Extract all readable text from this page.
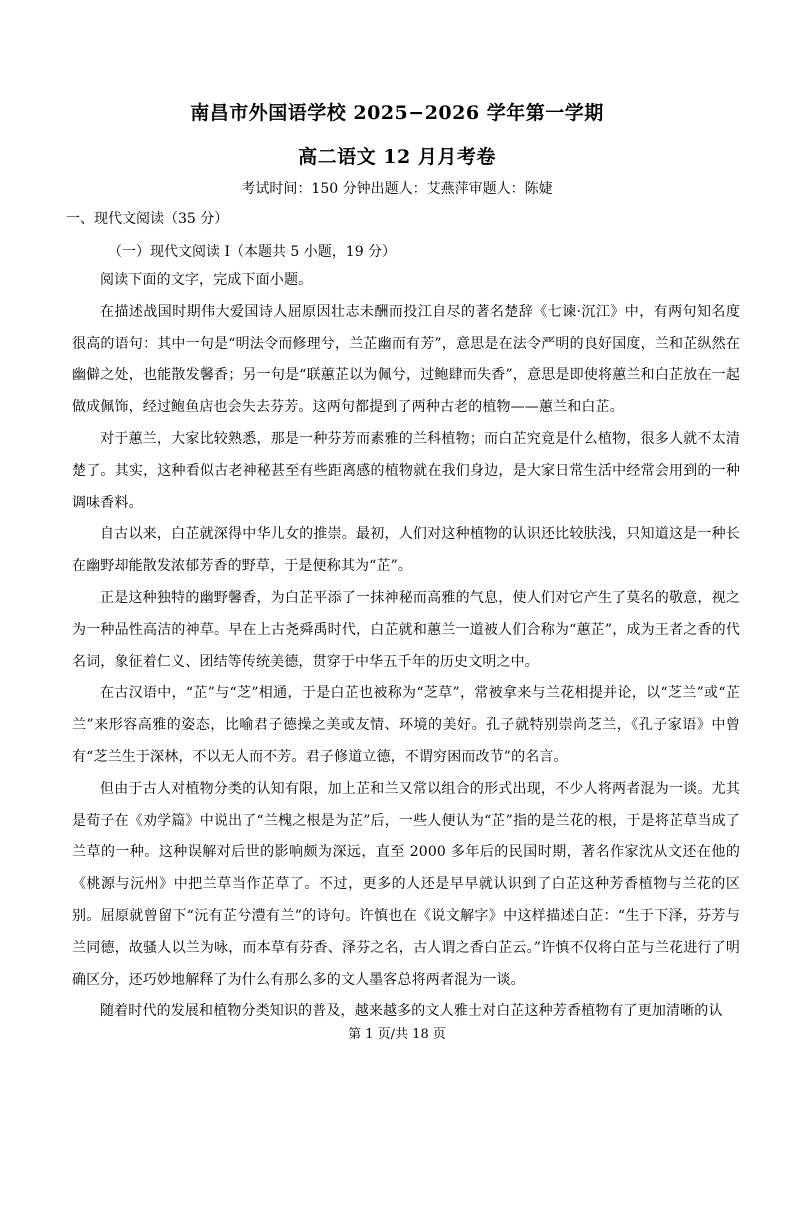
南昌市外国语学校 2025−2026 学年第一学期
高二语文 12 月月考卷
考试时间：150 分钟出题人：艾燕萍审题人：陈婕
一、现代文阅读（35 分）
（一）现代文阅读 I（本题共 5 小题，19 分）

阅读下面的文字，完成下面小题。

在描述战国时期伟大爱国诗人屈原因壮志未酬而投江自尽的著名楚辞《七谏·沉江》中，有两句知名度很高的语句：其中一句是“明法令而修理兮，兰芷幽而有芳”，意思是在法令严明的良好国度，兰和芷纵然在幽僻之处，也能散发馨香；另一句是“联蕙芷以为佩兮，过鲍肆而失香”，意思是即使将蕙兰和白芷放在一起做成佩饰，经过鲍鱼店也会失去芬芳。这两句都提到了两种古老的植物——蕙兰和白芷。

对于蕙兰，大家比较熟悉，那是一种芬芳而素雅的兰科植物；而白芷究竟是什么植物，很多人就不太清楚了。其实，这种看似古老神秘甚至有些距离感的植物就在我们身边，是大家日常生活中经常会用到的一种调味香料。

自古以来，白芷就深得中华儿女的推崇。最初，人们对这种植物的认识还比较肤浅，只知道这是一种长在幽野却能散发浓郁芳香的野草，于是便称其为“芷”。

正是这种独特的幽野馨香，为白芷平添了一抹神秘而高雅的气息，使人们对它产生了莫名的敬意，视之为一种品性高洁的神草。早在上古尧舜禹时代，白芷就和蕙兰一道被人们合称为“蕙芷”，成为王者之香的代名词，象征着仁义、团结等传统美德，贯穿于中华五千年的历史文明之中。

在古汉语中，“芷”与“芝”相通，于是白芷也被称为“芝草”，常被拿来与兰花相提并论，以“芝兰”或“芷兰”来形容高雅的姿态，比喻君子德操之美或友情、环境的美好。孔子就特别崇尚芝兰，《孔子家语》中曾有“芝兰生于深林，不以无人而不芳。君子修道立德，不谓穷困而改节”的名言。

但由于古人对植物分类的认知有限，加上芷和兰又常以组合的形式出现，不少人将两者混为一谈。尤其是荀子在《劝学篇》中说出了“兰槐之根是为芷”后，一些人便认为“芷”指的是兰花的根，于是将芷草当成了兰草的一种。这种误解对后世的影响颇为深远，直至 2000 多年后的民国时期，著名作家沈从文还在他的《桃源与沅州》中把兰草当作芷草了。不过，更多的人还是早早就认识到了白芷这种芳香植物与兰花的区别。屈原就曾留下“沅有芷兮澧有兰”的诗句。许慎也在《说文解字》中这样描述白芷：“生于下泽，芬芳与兰同德，故骚人以兰为咏，而本草有芬香、泽芬之名，古人谓之香白芷云。”许慎不仅将白芷与兰花进行了明确区分，还巧妙地解释了为什么有那么多的文人墨客总将两者混为一谈。

随着时代的发展和植物分类知识的普及，越来越多的文人雅士对白芷这种芳香植物有了更加清晰的认

第 1 页/共 18 页
